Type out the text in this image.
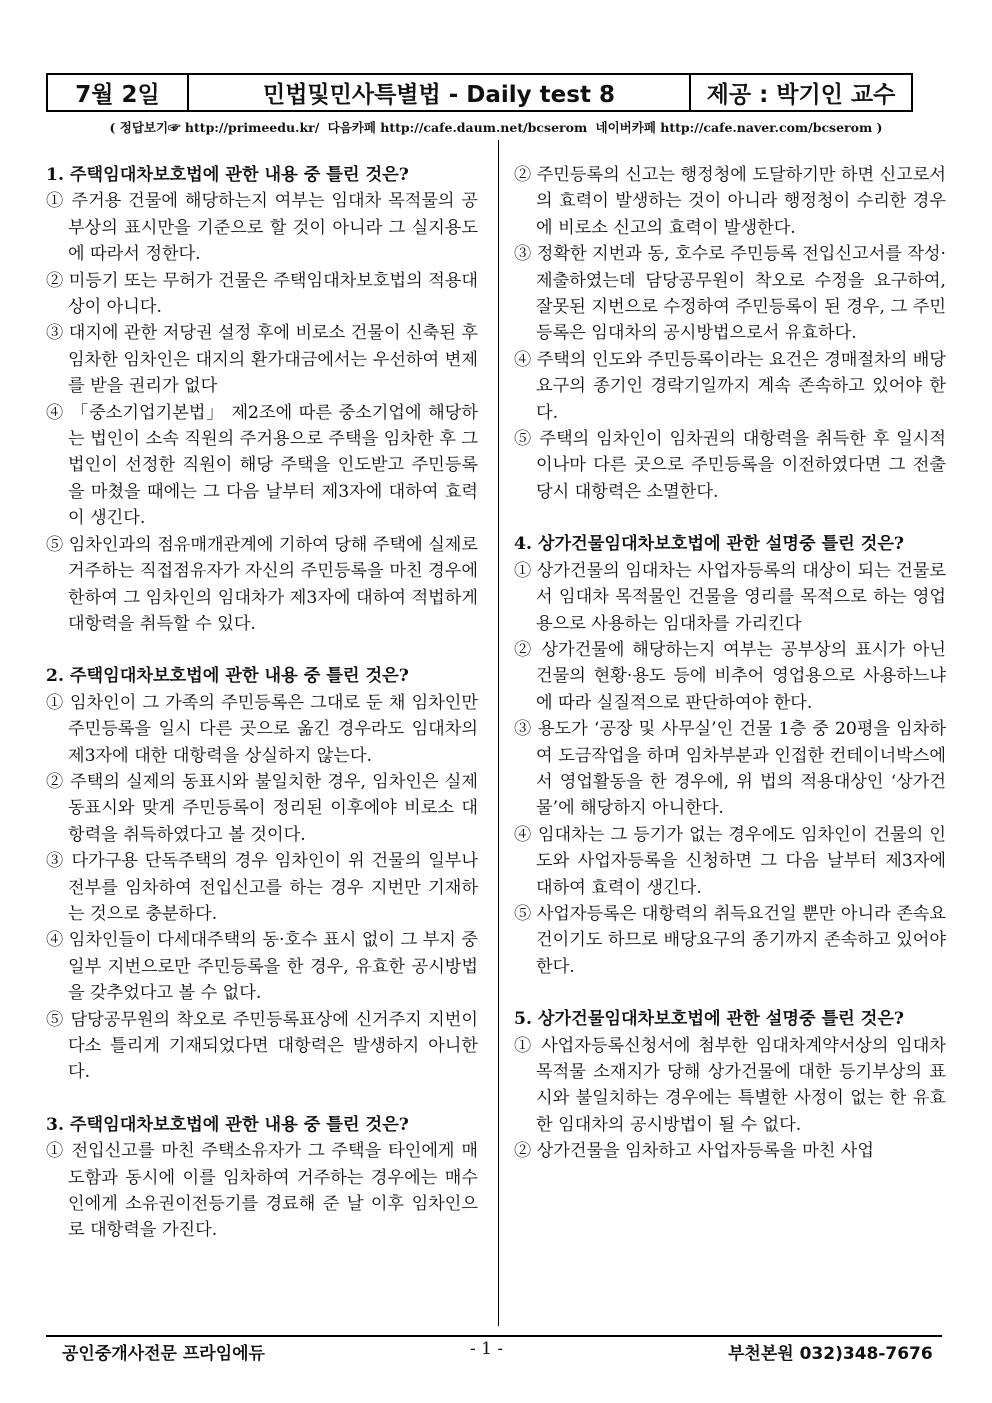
7월 2일	민법및민사특별법 - Daily test 8	제공 : 박기인 교수
( 정답보기☞ http://primeedu.kr/ 다음카페 http://cafe.daum.net/bcserom 네이버카페 http://cafe.naver.com/bcserom )
1. 주택임대차보호법에 관한 내용 중 틀린 것은?
① 주거용 건물에 해당하는지 여부는 임대차 목적물의 공부상의 표시만을 기준으로 할 것이 아니라 그 실지용도에 따라서 정한다.
② 미등기 또는 무허가 건물은 주택임대차보호법의 적용대상이 아니다.
③ 대지에 관한 저당권 설정 후에 비로소 건물이 신축된 후 임차한 임차인은 대지의 환가대금에서는 우선하여 변제를 받을 권리가 없다
④ 「중소기업기본법」 제2조에 따른 중소기업에 해당하는 법인이 소속 직원의 주거용으로 주택을 임차한 후 그 법인이 선정한 직원이 해당 주택을 인도받고 주민등록을 마쳤을 때에는 그 다음 날부터 제3자에 대하여 효력이 생긴다.
⑤ 임차인과의 점유매개관계에 기하여 당해 주택에 실제로 거주하는 직접점유자가 자신의 주민등록을 마친 경우에 한하여 그 임차인의 임대차가 제3자에 대하여 적법하게 대항력을 취득할 수 있다.
2. 주택임대차보호법에 관한 내용 중 틀린 것은?
① 임차인이 그 가족의 주민등록은 그대로 둔 채 임차인만 주민등록을 일시 다른 곳으로 옮긴 경우라도 임대차의 제3자에 대한 대항력을 상실하지 않는다.
② 주택의 실제의 동표시와 불일치한 경우, 임차인은 실제 동표시와 맞게 주민등록이 정리된 이후에야 비로소 대항력을 취득하였다고 볼 것이다.
③ 다가구용 단독주택의 경우 임차인이 위 건물의 일부나 전부를 임차하여 전입신고를 하는 경우 지번만 기재하는 것으로 충분하다.
④ 임차인들이 다세대주택의 동·호수 표시 없이 그 부지 중 일부 지번으로만 주민등록을 한 경우, 유효한 공시방법을 갖추었다고 볼 수 없다.
⑤ 담당공무원의 착오로 주민등록표상에 신거주지 지번이 다소 틀리게 기재되었다면 대항력은 발생하지 아니한다.
3. 주택임대차보호법에 관한 내용 중 틀린 것은?
① 전입신고를 마친 주택소유자가 그 주택을 타인에게 매도함과 동시에 이를 임차하여 거주하는 경우에는 매수인에게 소유권이전등기를 경료해 준 날 이후 임차인으로 대항력을 가진다.
② 주민등록의 신고는 행정청에 도달하기만 하면 신고로서의 효력이 발생하는 것이 아니라 행정청이 수리한 경우에 비로소 신고의 효력이 발생한다.
③ 정확한 지번과 동, 호수로 주민등록 전입신고서를 작성·제출하였는데 담당공무원이 착오로 수정을 요구하여, 잘못된 지번으로 수정하여 주민등록이 된 경우, 그 주민등록은 임대차의 공시방법으로서 유효하다.
④ 주택의 인도와 주민등록이라는 요건은 경매절차의 배당요구의 종기인 경락기일까지 계속 존속하고 있어야 한다.
⑤ 주택의 임차인이 임차권의 대항력을 취득한 후 일시적이나마 다른 곳으로 주민등록을 이전하였다면 그 전출 당시 대항력은 소멸한다.
4. 상가건물임대차보호법에 관한 설명중 틀린 것은?
① 상가건물의 임대차는 사업자등록의 대상이 되는 건물로서 임대차 목적물인 건물을 영리를 목적으로 하는 영업용으로 사용하는 임대차를 가리킨다
② 상가건물에 해당하는지 여부는 공부상의 표시가 아닌 건물의 현황·용도 등에 비추어 영업용으로 사용하느냐에 따라 실질적으로 판단하여야 한다.
③ 용도가 ‘공장 및 사무실’인 건물 1층 중 20평을 임차하여 도금작업을 하며 임차부분과 인접한 컨테이너박스에서 영업활동을 한 경우에, 위 법의 적용대상인 ‘상가건물’에 해당하지 아니한다.
④ 임대차는 그 등기가 없는 경우에도 임차인이 건물의 인도와 사업자등록을 신청하면 그 다음 날부터 제3자에 대하여 효력이 생긴다.
⑤ 사업자등록은 대항력의 취득요건일 뿐만 아니라 존속요건이기도 하므로 배당요구의 종기까지 존속하고 있어야 한다.
5. 상가건물임대차보호법에 관한 설명중 틀린 것은?
① 사업자등록신청서에 첨부한 임대차계약서상의 임대차목적물 소재지가 당해 상가건물에 대한 등기부상의 표시와 불일치하는 경우에는 특별한 사정이 없는 한 유효한 임대차의 공시방법이 될 수 없다.
② 상가건물을 임차하고 사업자등록을 마친 사업
공인중개사전문 프라임에듀	- 1 -	부천본원 032)348-7676
